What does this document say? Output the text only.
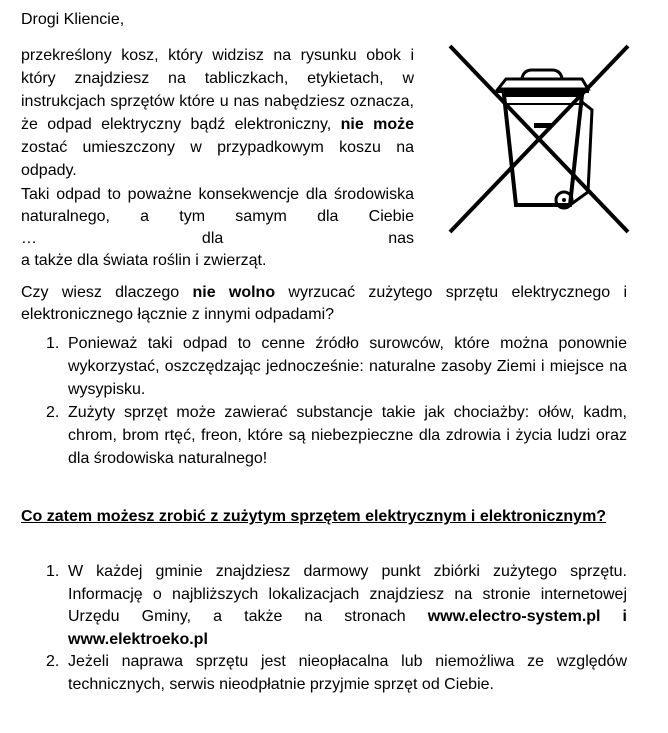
Drogi Kliencie,

przekreślony kosz, który widzisz na rysunku obok i który znajdziesz na tabliczkach, etykietach, w instrukcjach sprzętów które u nas nabędziesz oznacza, że odpad elektryczny bądź elektroniczny, nie może zostać umieszczony w przypadkowym koszu na odpady.

Taki odpad to poważne konsekwencje dla środowiska naturalnego, a tym samym dla Ciebie
…	dla	nas
a także dla świata roślin i zwierząt.

Czy wiesz dlaczego nie wolno wyrzucać zużytego sprzętu elektrycznego i elektronicznego łącznie z innymi odpadami?

1. Ponieważ taki odpad to cenne źródło surowców, które można ponownie wykorzystać, oszczędzając jednocześnie: naturalne zasoby Ziemi i miejsce na wysypisku.
2. Zużyty sprzęt może zawierać substancje takie jak chociażby: ołów, kadm, chrom, brom rtęć, freon, które są niebezpieczne dla zdrowia i życia ludzi oraz dla środowiska naturalnego!

Co zatem możesz zrobić z zużytym sprzętem elektrycznym i elektronicznym?

1. W każdej gminie znajdziesz darmowy punkt zbiórki zużytego sprzętu. Informację o najbliższych lokalizacjach znajdziesz na stronie internetowej Urzędu Gminy, a także na stronach www.electro-system.pl i www.elektroeko.pl
2. Jeżeli naprawa sprzętu jest nieopłacalna lub niemożliwa ze względów technicznych, serwis nieodpłatnie przyjmie sprzęt od Ciebie.
